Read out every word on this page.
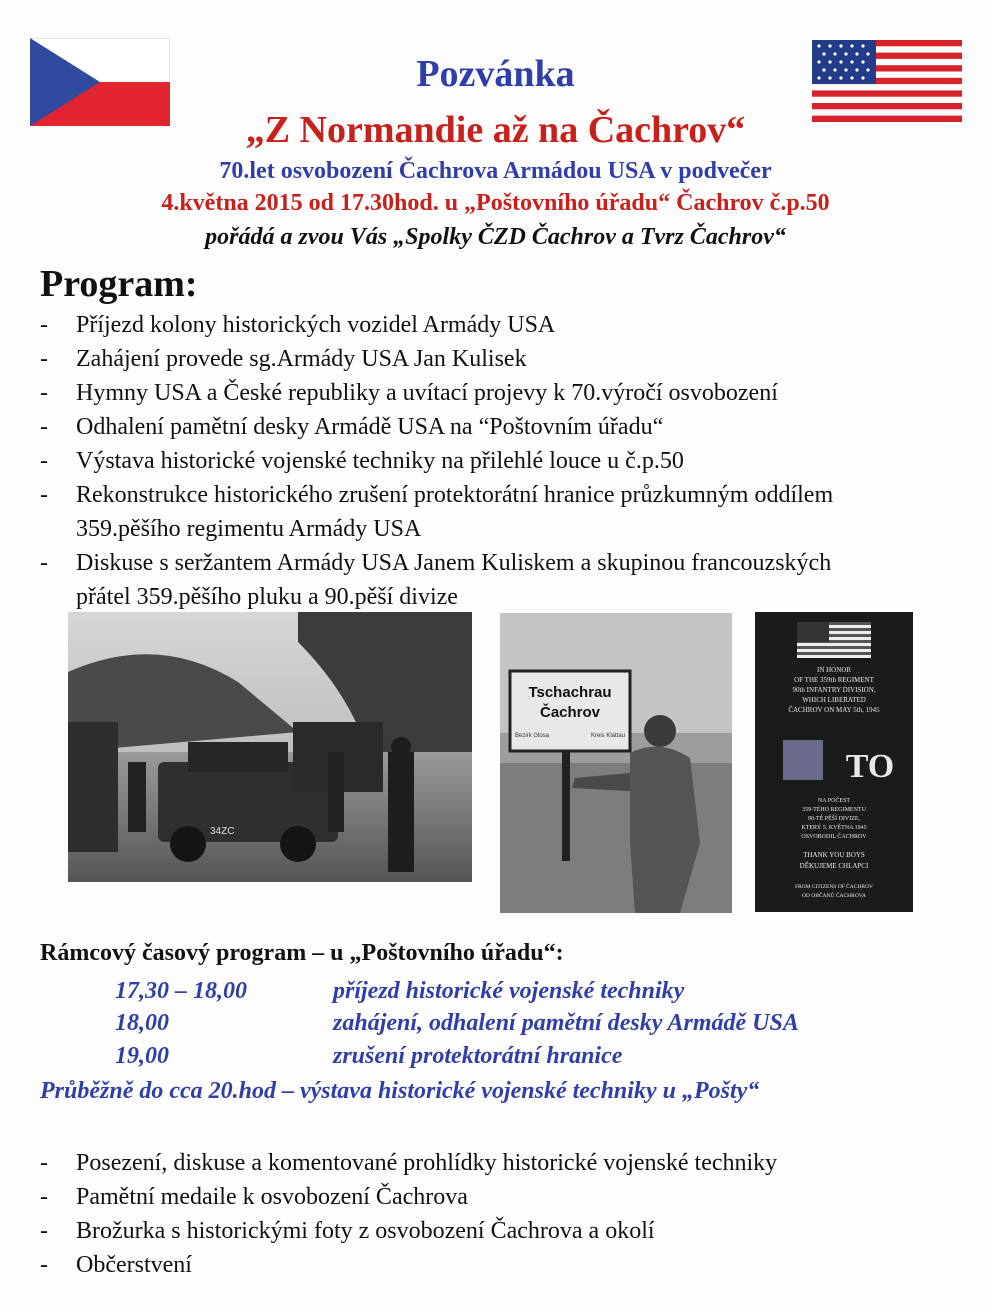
Pozvánka
„Z Normandie až na Čachrov“
70.let osvobození Čachrova Armádou USA v podvečer
4.května 2015 od 17.30hod. u „Poštovního úřadu“ Čachrov č.p.50
pořádá a zvou Vás „Spolky ČZD Čachrov a Tvrz Čachrov“
Program:
- Příjezd kolony historických vozidel Armády USA
- Zahájení provede sg.Armády USA Jan Kulisek
- Hymny USA a České republiky a uvítací projevy k 70.výročí osvobození
- Odhalení pamětní desky Armádě USA na “Poštovním úřadu“
- Výstava historické vojenské techniky na přilehlé louce u č.p.50
- Rekonstrukce historického zrušení protektorátní hranice průzkumným oddílem 359.pěšího regimentu Armády USA
- Diskuse s seržantem Armády USA Janem Kuliskem a skupinou francouzských přátel 359.pěšího pluku a 90.pěší divize
34ZC
Tschachrau
Čachrov
Bezirk Glosa	Kreis Klattau
IN HONOR
OF THE 359th REGIMENT
90th INFANTRY DIVISION,
WHICH LIBERATED
ČACHROV ON MAY 5th, 1945
TO
NA POČEST
359-TÉHO REGIMENTU
90-TÉ PĚŠÍ DIVIZE,
KTERÝ 5. KVĚTNA 1945
OSVOBODIL ČACHROV
THANK YOU BOYS
DĚKUJEME CHLAPCI
FROM CITIZENS OF ČACHROV
OD OBČANŮ ČACHROVA
Rámcový časový program – u „Poštovního úřadu“:
17,30 – 18,00	příjezd historické vojenské techniky
18,00	zahájení, odhalení pamětní desky Armádě USA
19,00	zrušení protektorátní hranice
Průběžně do cca 20.hod – výstava historické vojenské techniky u „Pošty“
- Posezení, diskuse a komentované prohlídky historické vojenské techniky
- Pamětní medaile k osvobození Čachrova
- Brožurka s historickými foty z osvobození Čachrova a okolí
- Občerstvení
